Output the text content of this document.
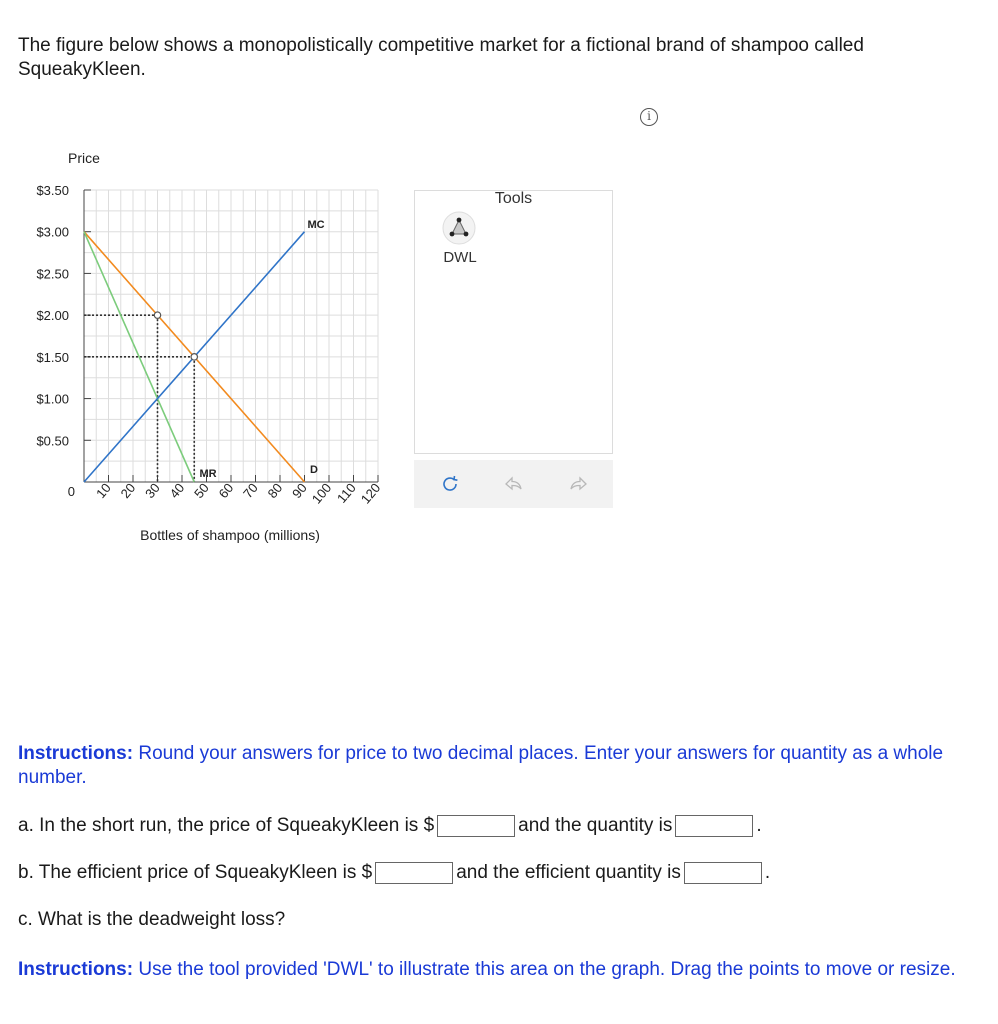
The figure below shows a monopolistically competitive market for a fictional brand of shampoo called SqueakyKleen.

i
$3.50
$3.00
$2.50
$2.00
$1.50
$1.00
$0.50
10 20 30 40 50 60 70 80 90 100 110 120
0
Price
Bottles of shampoo (millions)
MC
MR	D
Tools
DWL

Instructions: Round your answers for price to two decimal places. Enter your answers for quantity as a whole number.

a. In the short run, the price of SqueakyKleen is $	and the quantity is	.
b. The efficient price of SqueakyKleen is $	and the efficient quantity is	.
c. What is the deadweight loss?

Instructions: Use the tool provided 'DWL' to illustrate this area on the graph. Drag the points to move or resize.
